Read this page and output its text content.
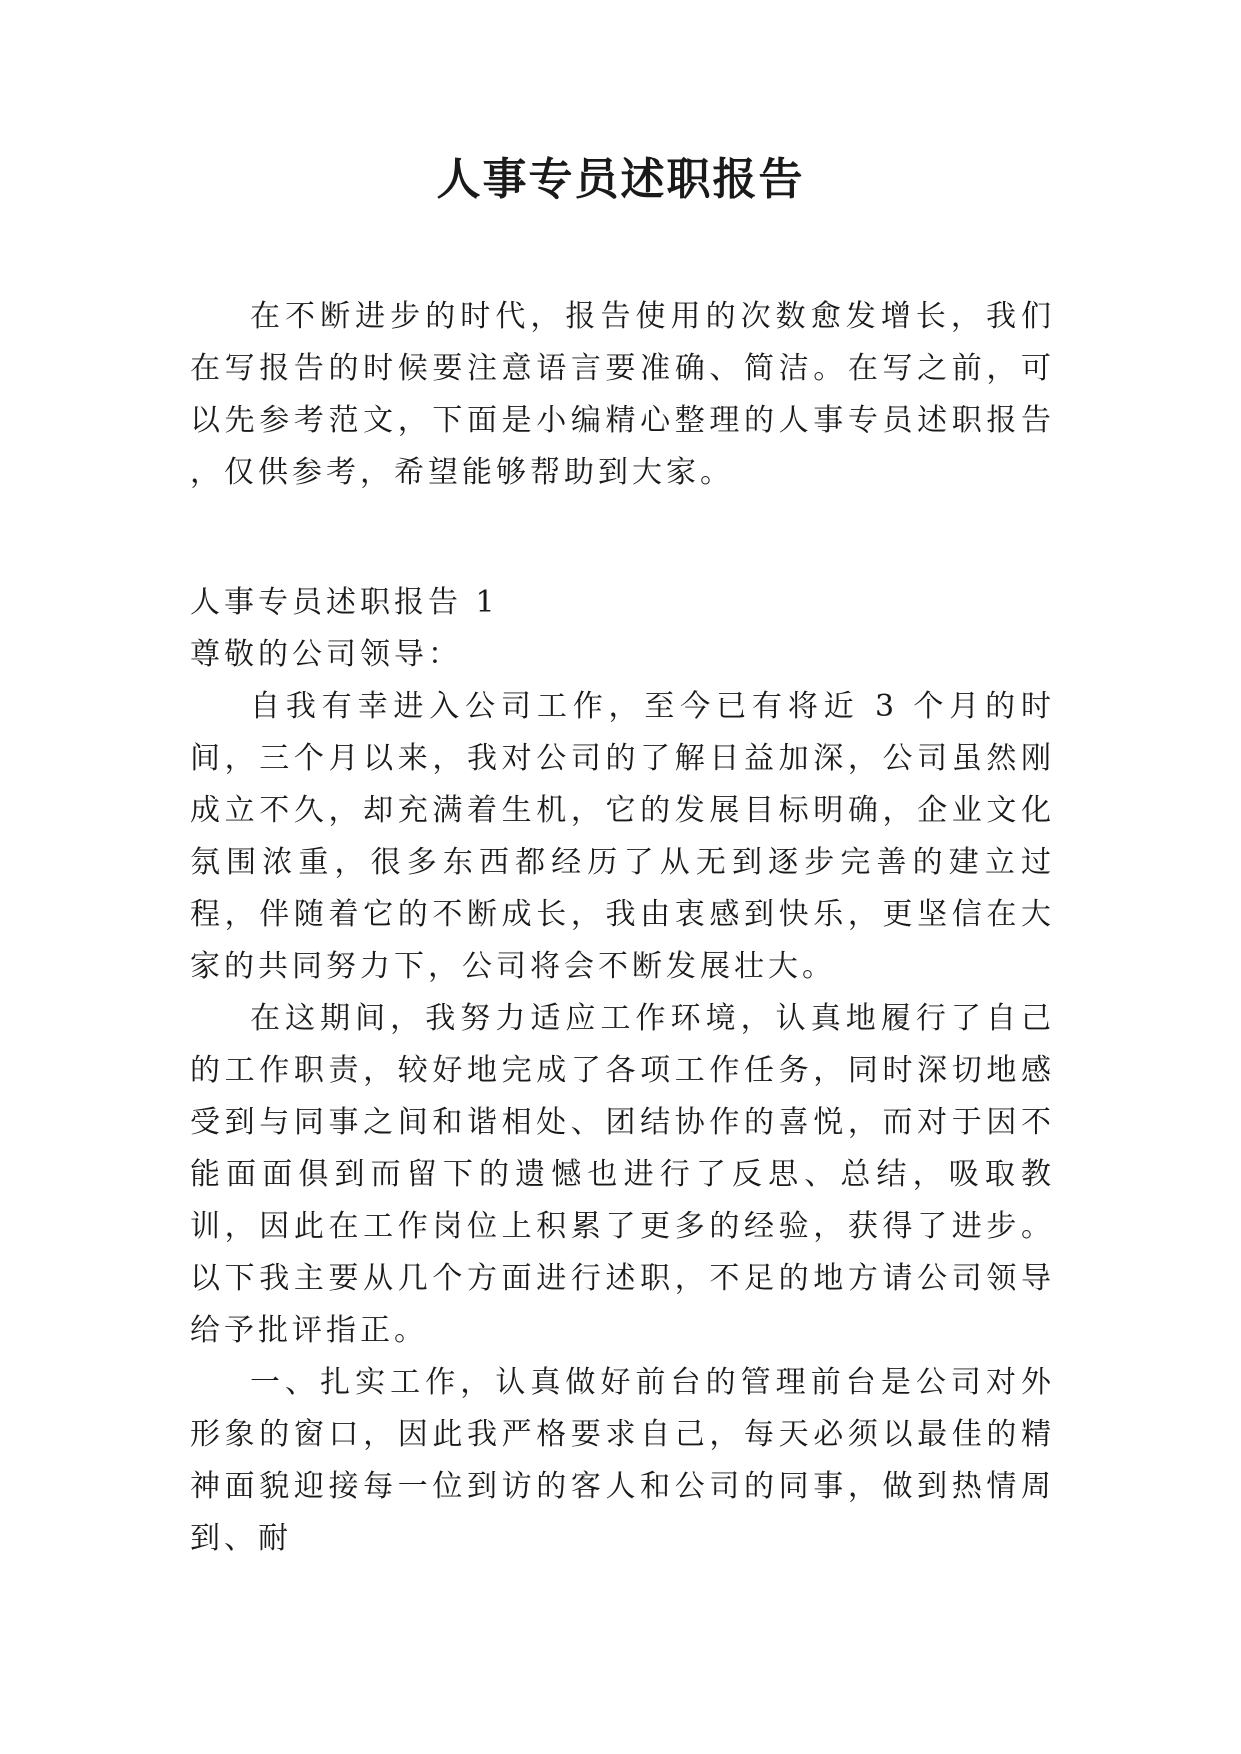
人事专员述职报告

在不断进步的时代，报告使用的次数愈发增长，我们在写报告的时候要注意语言要准确、简洁。在写之前，可以先参考范文，下面是小编精心整理的人事专员述职报告 ，仅供参考，希望能够帮助到大家。

人事专员述职报告 1

尊敬的公司领导：

自我有幸进入公司工作，至今已有将近 3 个月的时间，三个月以来，我对公司的了解日益加深，公司虽然刚成立不久，却充满着生机，它的发展目标明确，企业文化氛围浓重，很多东西都经历了从无到逐步完善的建立过程，伴随着它的不断成长，我由衷感到快乐，更坚信在大家的共同努力下，公司将会不断发展壮大。

在这期间，我努力适应工作环境，认真地履行了自己的工作职责，较好地完成了各项工作任务，同时深切地感受到与同事之间和谐相处、团结协作的喜悦，而对于因不能面面俱到而留下的遗憾也进行了反思、总结，吸取教训，因此在工作岗位上积累了更多的经验，获得了进步。以下我主要从几个方面进行述职，不足的地方请公司领导给予批评指正。

一、扎实工作，认真做好前台的管理前台是公司对外形象的窗口，因此我严格要求自己，每天必须以最佳的精神面貌迎接每一位到访的客人和公司的同事，做到热情周到、耐
